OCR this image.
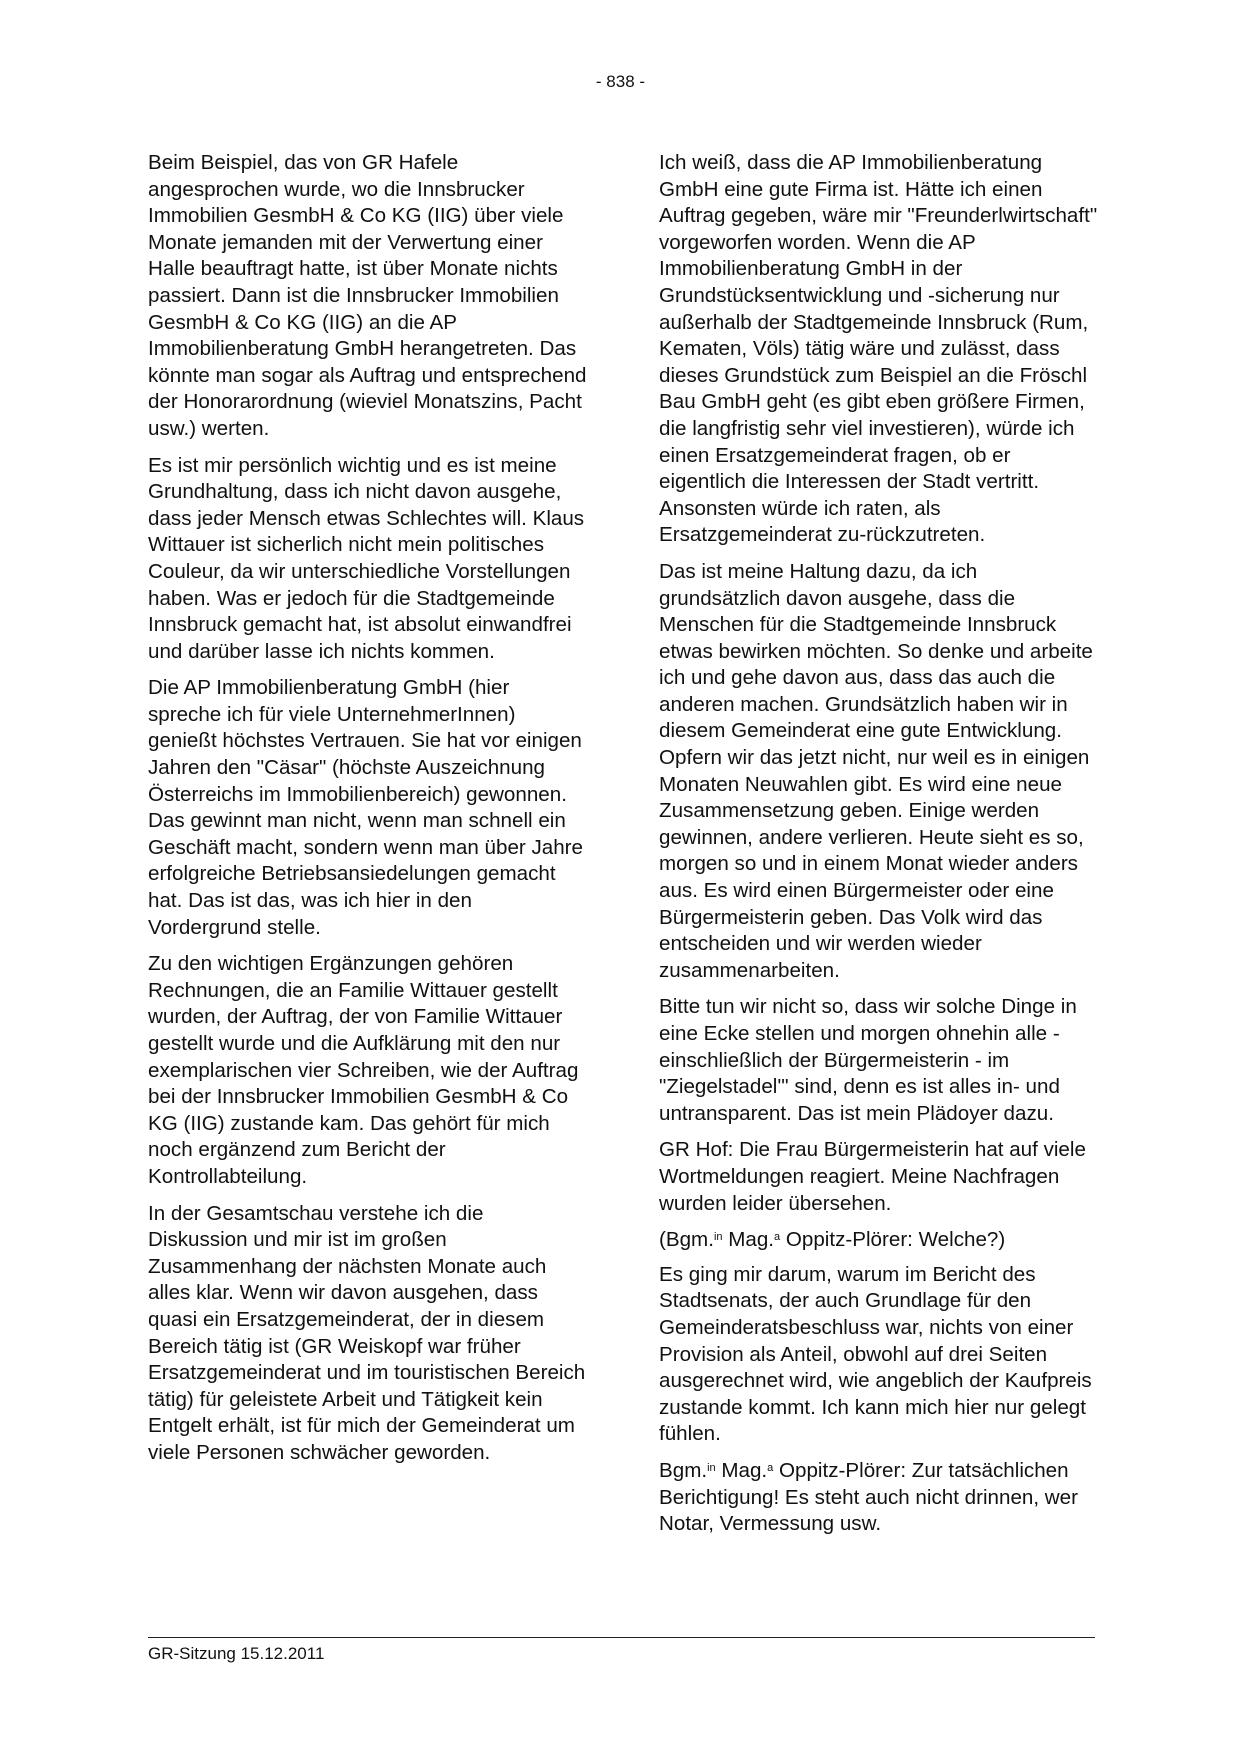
- 838 -

Beim Beispiel, das von GR Hafele angesprochen wurde, wo die Innsbrucker Immobilien GesmbH & Co KG (IIG) über viele Monate jemanden mit der Verwertung einer Halle beauftragt hatte, ist über Monate nichts passiert. Dann ist die Innsbrucker Immobilien GesmbH & Co KG (IIG) an die AP Immobilienberatung GmbH herangetreten. Das könnte man sogar als Auftrag und entsprechend der Honorarordnung (wieviel Monatszins, Pacht usw.) werten.

Es ist mir persönlich wichtig und es ist meine Grundhaltung, dass ich nicht davon ausgehe, dass jeder Mensch etwas Schlechtes will. Klaus Wittauer ist sicherlich nicht mein politisches Couleur, da wir unterschiedliche Vorstellungen haben. Was er jedoch für die Stadtgemeinde Innsbruck gemacht hat, ist absolut einwandfrei und darüber lasse ich nichts kommen.

Die AP Immobilienberatung GmbH (hier spreche ich für viele UnternehmerInnen) genießt höchstes Vertrauen. Sie hat vor einigen Jahren den "Cäsar" (höchste Auszeichnung Österreichs im Immobilienbereich) gewonnen. Das gewinnt man nicht, wenn man schnell ein Geschäft macht, sondern wenn man über Jahre erfolgreiche Betriebsansiedelungen gemacht hat. Das ist das, was ich hier in den Vordergrund stelle.

Zu den wichtigen Ergänzungen gehören Rechnungen, die an Familie Wittauer gestellt wurden, der Auftrag, der von Familie Wittauer gestellt wurde und die Aufklärung mit den nur exemplarischen vier Schreiben, wie der Auftrag bei der Innsbrucker Immobilien GesmbH & Co KG (IIG) zustande kam. Das gehört für mich noch ergänzend zum Bericht der Kontrollabteilung.

In der Gesamtschau verstehe ich die Diskussion und mir ist im großen Zusammenhang der nächsten Monate auch alles klar. Wenn wir davon ausgehen, dass quasi ein Ersatzgemeinderat, der in diesem Bereich tätig ist (GR Weiskopf war früher Ersatzgemeinderat und im touristischen Bereich tätig) für geleistete Arbeit und Tätigkeit kein Entgelt erhält, ist für mich der Gemeinderat um viele Personen schwächer geworden.

Ich weiß, dass die AP Immobilienberatung GmbH eine gute Firma ist. Hätte ich einen Auftrag gegeben, wäre mir "Freunderlwirtschaft" vorgeworfen worden. Wenn die AP Immobilienberatung GmbH in der Grundstücksentwicklung und -sicherung nur außerhalb der Stadtgemeinde Innsbruck (Rum, Kematen, Völs) tätig wäre und zulässt, dass dieses Grundstück zum Beispiel an die Fröschl Bau GmbH geht (es gibt eben größere Firmen, die langfristig sehr viel investieren), würde ich einen Ersatzgemeinderat fragen, ob er eigentlich die Interessen der Stadt vertritt. Ansonsten würde ich raten, als Ersatzgemeinderat zu-rückzutreten.

Das ist meine Haltung dazu, da ich grundsätzlich davon ausgehe, dass die Menschen für die Stadtgemeinde Innsbruck etwas bewirken möchten. So denke und arbeite ich und gehe davon aus, dass das auch die anderen machen. Grundsätzlich haben wir in diesem Gemeinderat eine gute Entwicklung. Opfern wir das jetzt nicht, nur weil es in einigen Monaten Neuwahlen gibt. Es wird eine neue Zusammensetzung geben. Einige werden gewinnen, andere verlieren. Heute sieht es so, morgen so und in einem Monat wieder anders aus. Es wird einen Bürgermeister oder eine Bürgermeisterin geben. Das Volk wird das entscheiden und wir werden wieder zusammenarbeiten.

Bitte tun wir nicht so, dass wir solche Dinge in eine Ecke stellen und morgen ohnehin alle - einschließlich der Bürgermeisterin - im "Ziegelstadel'" sind, denn es ist alles in- und untransparent. Das ist mein Plädoyer dazu.

GR Hof: Die Frau Bürgermeisterin hat auf viele Wortmeldungen reagiert. Meine Nachfragen wurden leider übersehen.

(Bgm.$^{in}$ Mag.$^a$ Oppitz-Plörer: Welche?)

Es ging mir darum, warum im Bericht des Stadtsenats, der auch Grundlage für den Gemeinderatsbeschluss war, nichts von einer Provision als Anteil, obwohl auf drei Seiten ausgerechnet wird, wie angeblich der Kaufpreis zustande kommt. Ich kann mich hier nur gelegt fühlen.

Bgm.$^{in}$ Mag.$^a$ Oppitz-Plörer: Zur tatsächlichen Berichtigung! Es steht auch nicht drinnen, wer Notar, Vermessung usw.

GR-Sitzung 15.12.2011
